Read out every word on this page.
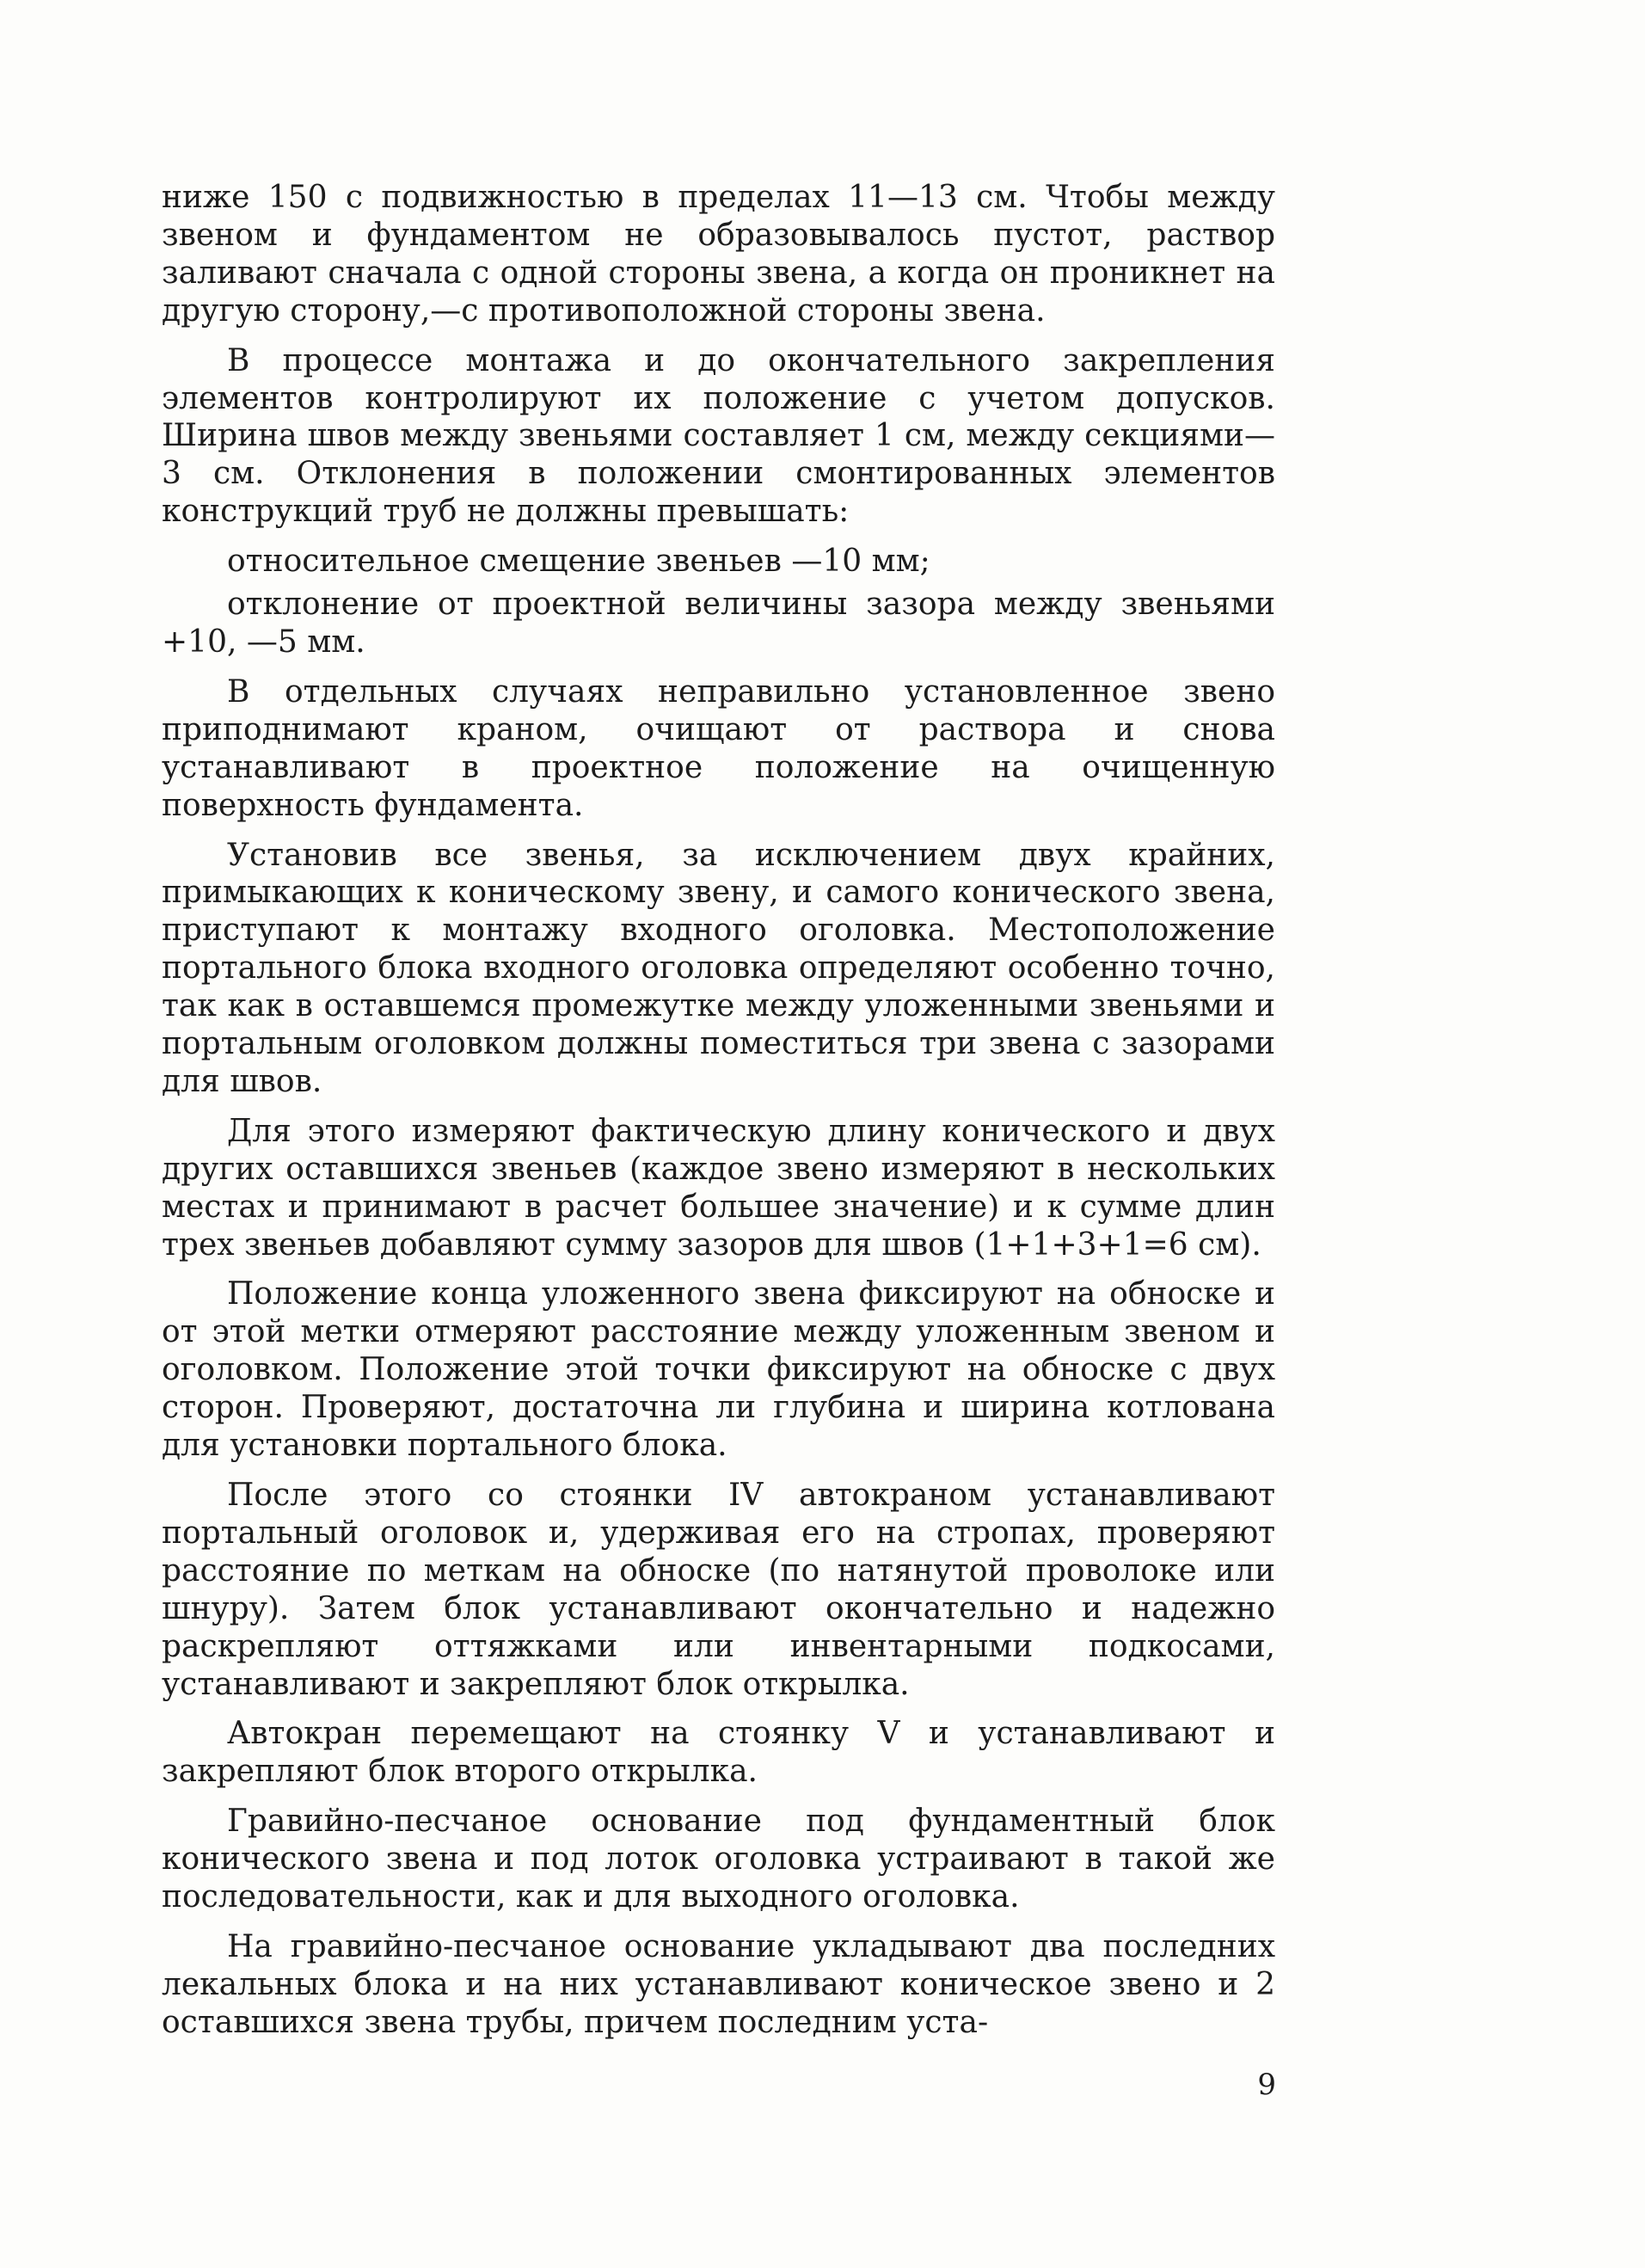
ниже 150 с подвижностью в пределах 11—13 см. Чтобы между звеном и фундаментом не образовывалось пустот, раствор заливают сначала с одной стороны звена, а когда он проникнет на другую сторону,—с противоположной стороны звена.

В процессе монтажа и до окончательного закрепления элементов контролируют их положение с учетом допусков. Ширина швов между звеньями составляет 1 см, между секциями— 3 см. Отклонения в положении смонтированных элементов конструкций труб не должны превышать:

относительное смещение звеньев —10 мм;

отклонение от проектной величины зазора между звеньями +10, —5 мм.

В отдельных случаях неправильно установленное звено приподнимают краном, очищают от раствора и снова устанавливают в проектное положение на очищенную поверхность фундамента.

Установив все звенья, за исключением двух крайних, примыкающих к коническому звену, и самого конического звена, приступают к монтажу входного оголовка. Местоположение портального блока входного оголовка определяют особенно точно, так как в оставшемся промежутке между уложенными звеньями и портальным оголовком должны поместиться три звена с зазорами для швов.

Для этого измеряют фактическую длину конического и двух других оставшихся звеньев (каждое звено измеряют в нескольких местах и принимают в расчет большее значение) и к сумме длин трех звеньев добавляют сумму зазоров для швов (1+1+3+1=6 см).

Положение конца уложенного звена фиксируют на обноске и от этой метки отмеряют расстояние между уложенным звеном и оголовком. Положение этой точки фиксируют на обноске с двух сторон. Проверяют, достаточна ли глубина и ширина котлована для установки портального блока.

После этого со стоянки IV автокраном устанавливают портальный оголовок и, удерживая его на стропах, проверяют расстояние по меткам на обноске (по натянутой проволоке или шнуру). Затем блок устанавливают окончательно и надежно раскрепляют оттяжками или инвентарными подкосами, устанавливают и закрепляют блок открылка.

Автокран перемещают на стоянку V и устанавливают и закрепляют блок второго открылка.

Гравийно-песчаное основание под фундаментный блок конического звена и под лоток оголовка устраивают в такой же последовательности, как и для выходного оголовка.

На гравийно-песчаное основание укладывают два последних лекальных блока и на них устанавливают коническое звено и 2 оставшихся звена трубы, причем последним уста-

9
